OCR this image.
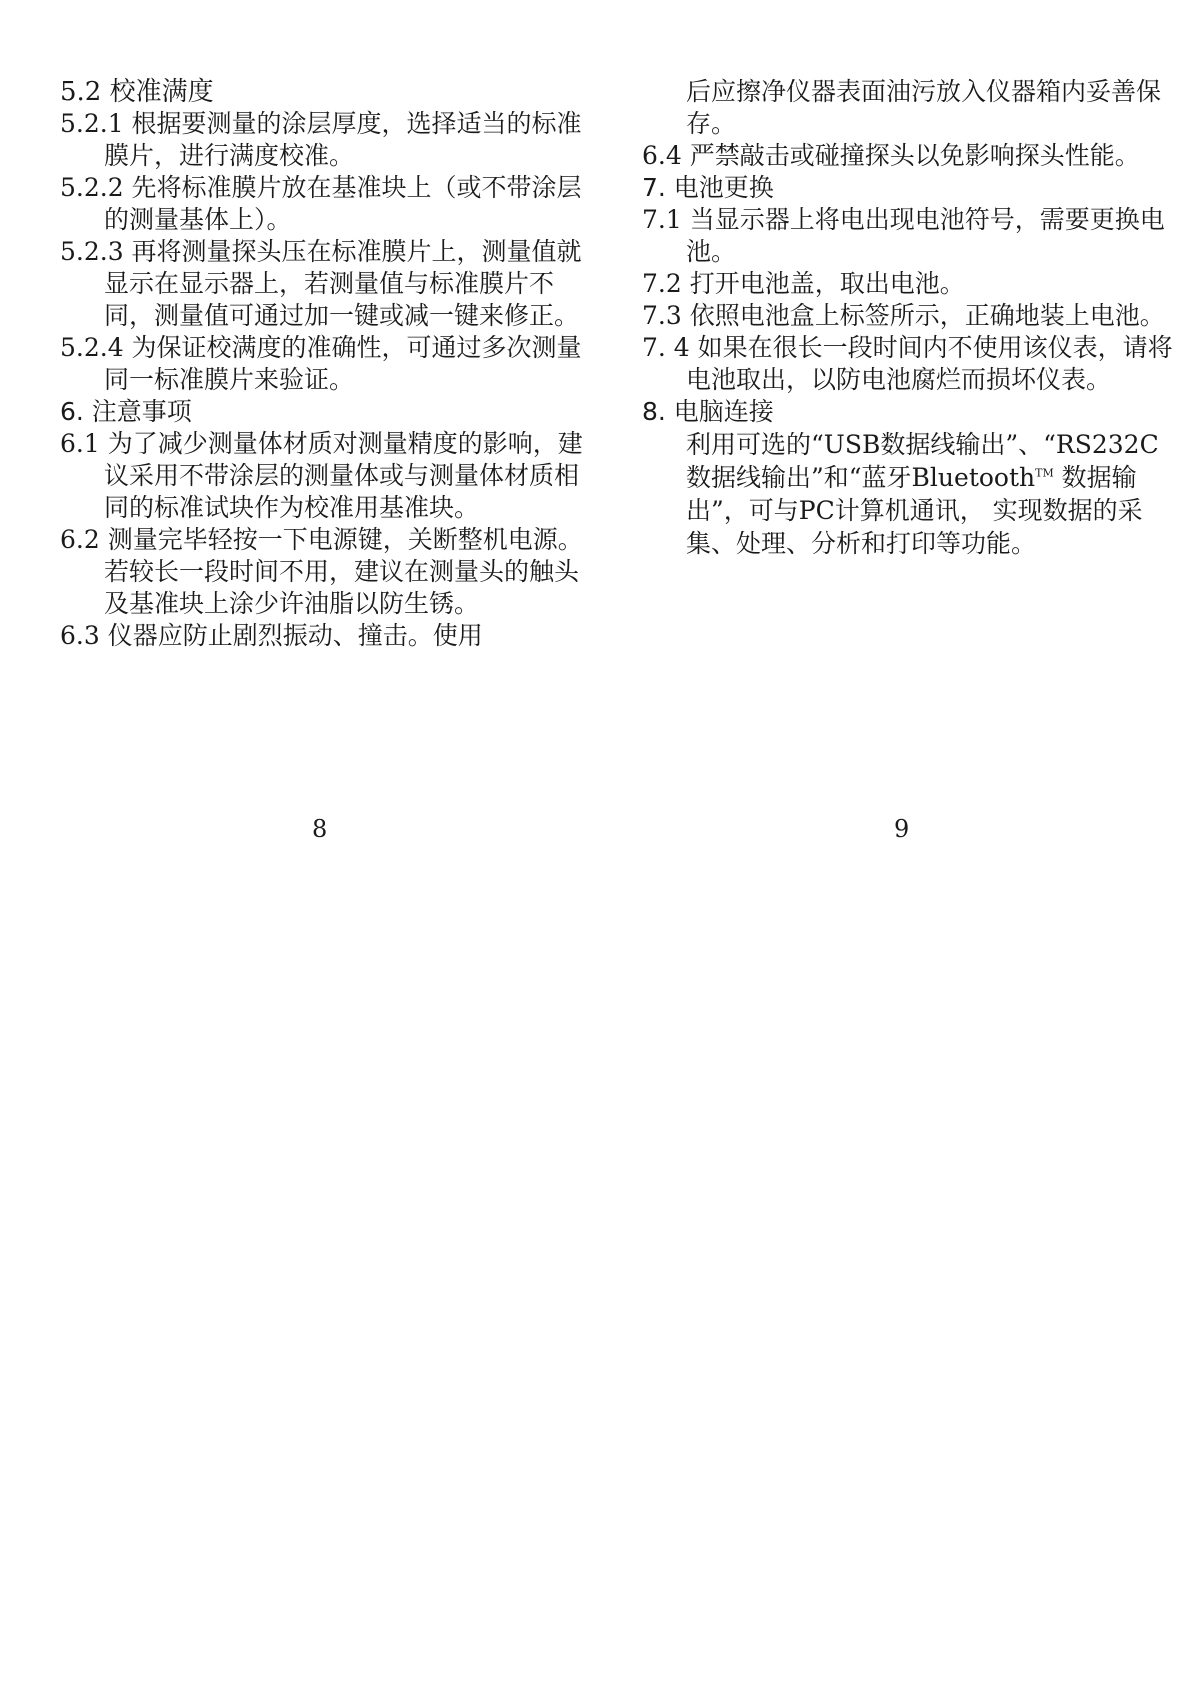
5.2 校准满度
5.2.1 根据要测量的涂层厚度，选择适当的标准膜片，进行满度校准。
5.2.2 先将标准膜片放在基准块上（或不带涂层的测量基体上）。
5.2.3 再将测量探头压在标准膜片上，测量值就显示在显示器上，若测量值与标准膜片不同，测量值可通过加一键或减一键来修正。
5.2.4 为保证校满度的准确性，可通过多次测量同一标准膜片来验证。
6. 注意事项
6.1 为了减少测量体材质对测量精度的影响，建议采用不带涂层的测量体或与测量体材质相同的标准试块作为校准用基准块。
6.2 测量完毕轻按一下电源键，关断整机电源。若较长一段时间不用，建议在测量头的触头及基准块上涂少许油脂以防生锈。
6.3 仪器应防止剧烈振动、撞击。使用
后应擦净仪器表面油污放入仪器箱内妥善保存。
6.4 严禁敲击或碰撞探头以免影响探头性能。
7. 电池更换
7.1 当显示器上将电出现电池符号，需要更换电池。
7.2 打开电池盖，取出电池。
7.3 依照电池盒上标签所示，正确地装上电池。
7. 4 如果在很长一段时间内不使用该仪表，请将电池取出，以防电池腐烂而损坏仪表。
8. 电脑连接
利用可选的“USB数据线输出”、“RS232C数据线输出”和“蓝牙Bluetooth™ 数据输出”，可与PC计算机通讯， 实现数据的采集、处理、分析和打印等功能。
8	9
